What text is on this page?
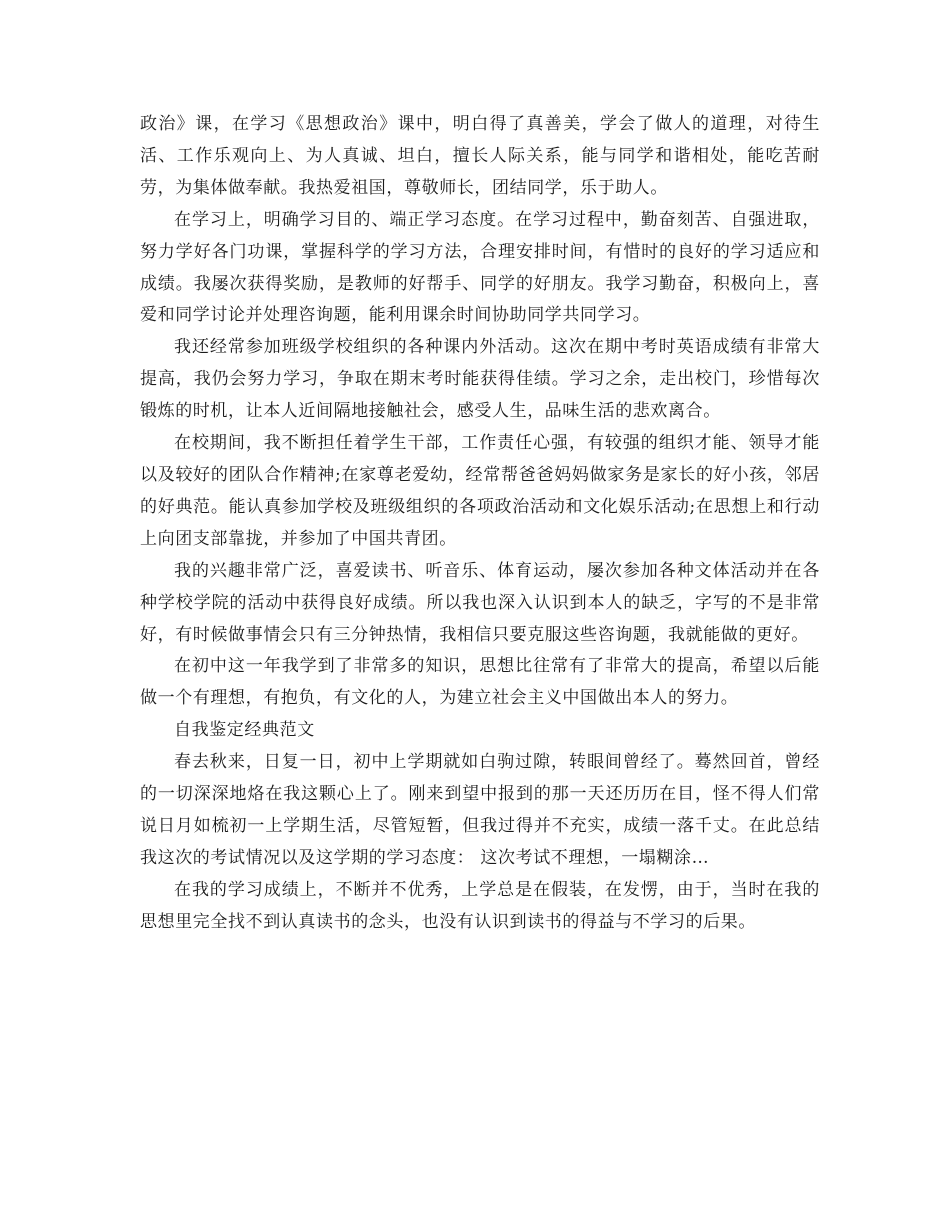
政治》课，在学习《思想政治》课中，明白得了真善美，学会了做人的道理，对待生活、工作乐观向上、为人真诚、坦白，擅长人际关系，能与同学和谐相处，能吃苦耐劳，为集体做奉献。我热爱祖国，尊敬师长，团结同学，乐于助人。

在学习上，明确学习目的、端正学习态度。在学习过程中，勤奋刻苦、自强进取，努力学好各门功课，掌握科学的学习方法，合理安排时间，有惜时的良好的学习适应和成绩。我屡次获得奖励，是教师的好帮手、同学的好朋友。我学习勤奋，积极向上，喜爱和同学讨论并处理咨询题，能利用课余时间协助同学共同学习。

我还经常参加班级学校组织的各种课内外活动。这次在期中考时英语成绩有非常大提高，我仍会努力学习，争取在期末考时能获得佳绩。学习之余，走出校门，珍惜每次锻炼的时机，让本人近间隔地接触社会，感受人生，品味生活的悲欢离合。

在校期间，我不断担任着学生干部，工作责任心强，有较强的组织才能、领导才能以及较好的团队合作精神;在家尊老爱幼，经常帮爸爸妈妈做家务是家长的好小孩，邻居的好典范。能认真参加学校及班级组织的各项政治活动和文化娱乐活动;在思想上和行动上向团支部靠拢，并参加了中国共青团。

我的兴趣非常广泛，喜爱读书、听音乐、体育运动，屡次参加各种文体活动并在各种学校学院的活动中获得良好成绩。所以我也深入认识到本人的缺乏，字写的不是非常好，有时候做事情会只有三分钟热情，我相信只要克服这些咨询题，我就能做的更好。

在初中这一年我学到了非常多的知识，思想比往常有了非常大的提高，希望以后能做一个有理想，有抱负，有文化的人，为建立社会主义中国做出本人的努力。

自我鉴定经典范文

春去秋来，日复一日，初中上学期就如白驹过隙，转眼间曾经了。蓦然回首，曾经的一切深深地烙在我这颗心上了。刚来到望中报到的那一天还历历在目，怪不得人们常说日月如梳初一上学期生活，尽管短暂，但我过得并不充实，成绩一落千丈。在此总结我这次的考试情况以及这学期的学习态度： 这次考试不理想，一塌糊涂…

在我的学习成绩上，不断并不优秀，上学总是在假装，在发愣，由于，当时在我的思想里完全找不到认真读书的念头，也没有认识到读书的得益与不学习的后果。
